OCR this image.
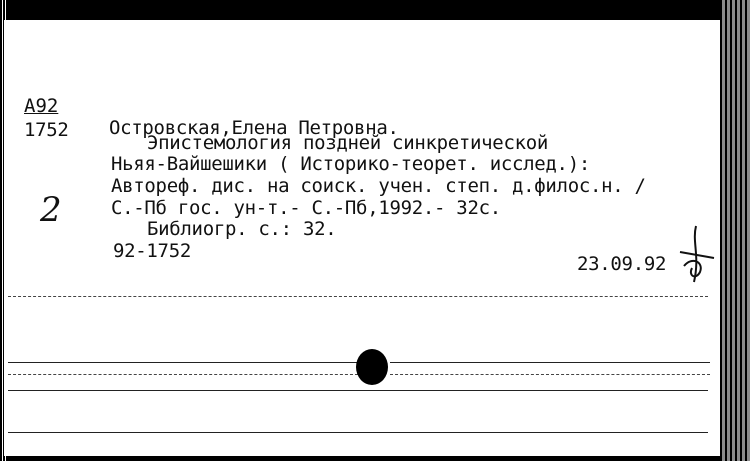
A92
1752
2
Островская,Елена Петровна.
Эпистемология поздней синкретической
Ньяя-Вайшешики ( Историко-теорет. исслед.):
Автореф. дис. на соиск. учен. степ. д.филос.н. /
С.-Пб гос. ун-т.- С.-Пб,1992.- 32с.
Библиогр. с.: 32.
92-1752
23.09.92
